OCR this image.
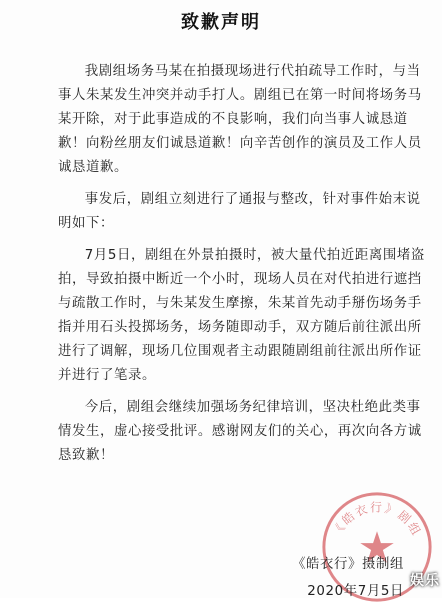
致歉声明

我剧组场务马某在拍摄现场进行代拍疏导工作时，与当事人朱某发生冲突并动手打人。剧组已在第一时间将场务马某开除，对于此事造成的不良影响，我们向当事人诚恳道歉！向粉丝朋友们诚恳道歉！向辛苦创作的演员及工作人员诚恳道歉。

事发后，剧组立刻进行了通报与整改，针对事件始末说明如下：

7月5日，剧组在外景拍摄时，被大量代拍近距离围堵盗拍，导致拍摄中断近一个小时，现场人员在对代拍进行遮挡与疏散工作时，与朱某发生摩擦，朱某首先动手掰伤场务手指并用石头投掷场务，场务随即动手，双方随后前往派出所进行了调解，现场几位围观者主动跟随剧组前往派出所作证并进行了笔录。

今后，剧组会继续加强场务纪律培训，坚决杜绝此类事情发生，虚心接受批评。感谢网友们的关心，再次向各方诚恳致歉！

《皓衣行》剧组
《皓衣行》摄制组
2020年7月5日
娱乐
